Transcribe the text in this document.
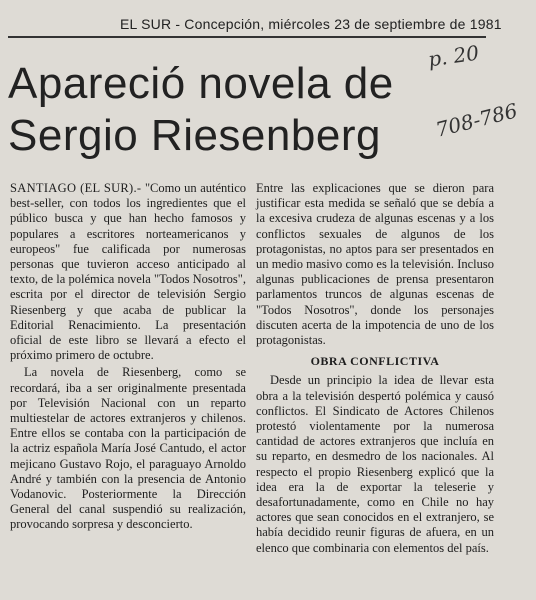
EL SUR - Concepción, miércoles 23 de septiembre de 1981
p. 20
708-786
Apareció novela de
Sergio Riesenberg

SANTIAGO (EL SUR).- "Como un auténtico best-seller, con todos los ingredientes que el público busca y que han hecho famosos y populares a escritores norteamericanos y europeos" fue calificada por numerosas personas que tuvieron acceso anticipado al texto, de la polémica novela "Todos Nosotros", escrita por el director de televisión Sergio Riesenberg y que acaba de publicar la Editorial Renacimiento. La presentación oficial de este libro se llevará a efecto el próximo primero de octubre.

La novela de Riesenberg, como se recordará, iba a ser originalmente presentada por Televisión Nacional con un reparto multiestelar de actores extranjeros y chilenos. Entre ellos se contaba con la participación de la actriz española María José Cantudo, el actor mejicano Gustavo Rojo, el paraguayo Arnoldo André y también con la presencia de Antonio Vodanovic. Posteriormente la Dirección General del canal suspendió su realización, provocando sorpresa y desconcierto.

Entre las explicaciones que se dieron para justificar esta medida se señaló que se debía a la excesiva crudeza de algunas escenas y a los conflictos sexuales de algunos de los protagonistas, no aptos para ser presentados en un medio masivo como es la televisión. Incluso algunas publicaciones de prensa presentaron parlamentos truncos de algunas escenas de "Todos Nosotros", donde los personajes discuten acerta de la impotencia de uno de los protagonistas.

OBRA CONFLICTIVA

Desde un principio la idea de llevar esta obra a la televisión despertó polémica y causó conflictos. El Sindicato de Actores Chilenos protestó violentamente por la numerosa cantidad de actores extranjeros que incluía en su reparto, en desmedro de los nacionales. Al respecto el propio Riesenberg explicó que la idea era la de exportar la teleserie y desafortunadamente, como en Chile no hay actores que sean conocidos en el extranjero, se había decidido reunir figuras de afuera, en un elenco que combinaria con elementos del país.
